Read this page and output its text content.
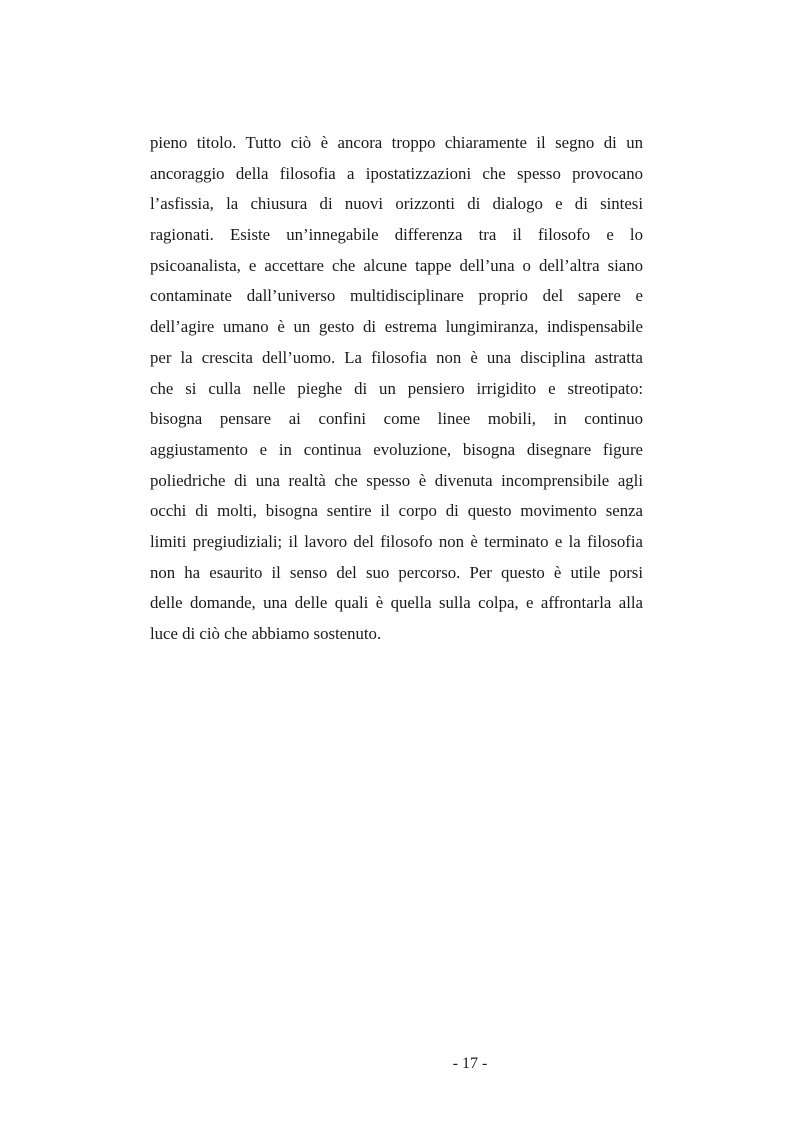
pieno titolo. Tutto ciò è ancora troppo chiaramente il segno di un
ancoraggio della filosofia a ipostatizzazioni che spesso provocano
l’asfissia, la chiusura di nuovi orizzonti di dialogo e di sintesi
ragionati. Esiste un’innegabile differenza tra il filosofo e lo
psicoanalista, e accettare che alcune tappe dell’una o dell’altra siano
contaminate dall’universo multidisciplinare proprio del sapere e
dell’agire umano è un gesto di estrema lungimiranza, indispensabile
per la crescita dell’uomo. La filosofia non è una disciplina astratta
che si culla nelle pieghe di un pensiero irrigidito e streotipato:
bisogna pensare ai confini come linee mobili, in continuo
aggiustamento e in continua evoluzione, bisogna disegnare figure
poliedriche di una realtà che spesso è divenuta incomprensibile agli
occhi di molti, bisogna sentire il corpo di questo movimento senza
limiti pregiudiziali; il lavoro del filosofo non è terminato e la filosofia
non ha esaurito il senso del suo percorso. Per questo è utile porsi
delle domande, una delle quali è quella sulla colpa, e affrontarla alla
luce di ciò che abbiamo sostenuto.
- 17 -
